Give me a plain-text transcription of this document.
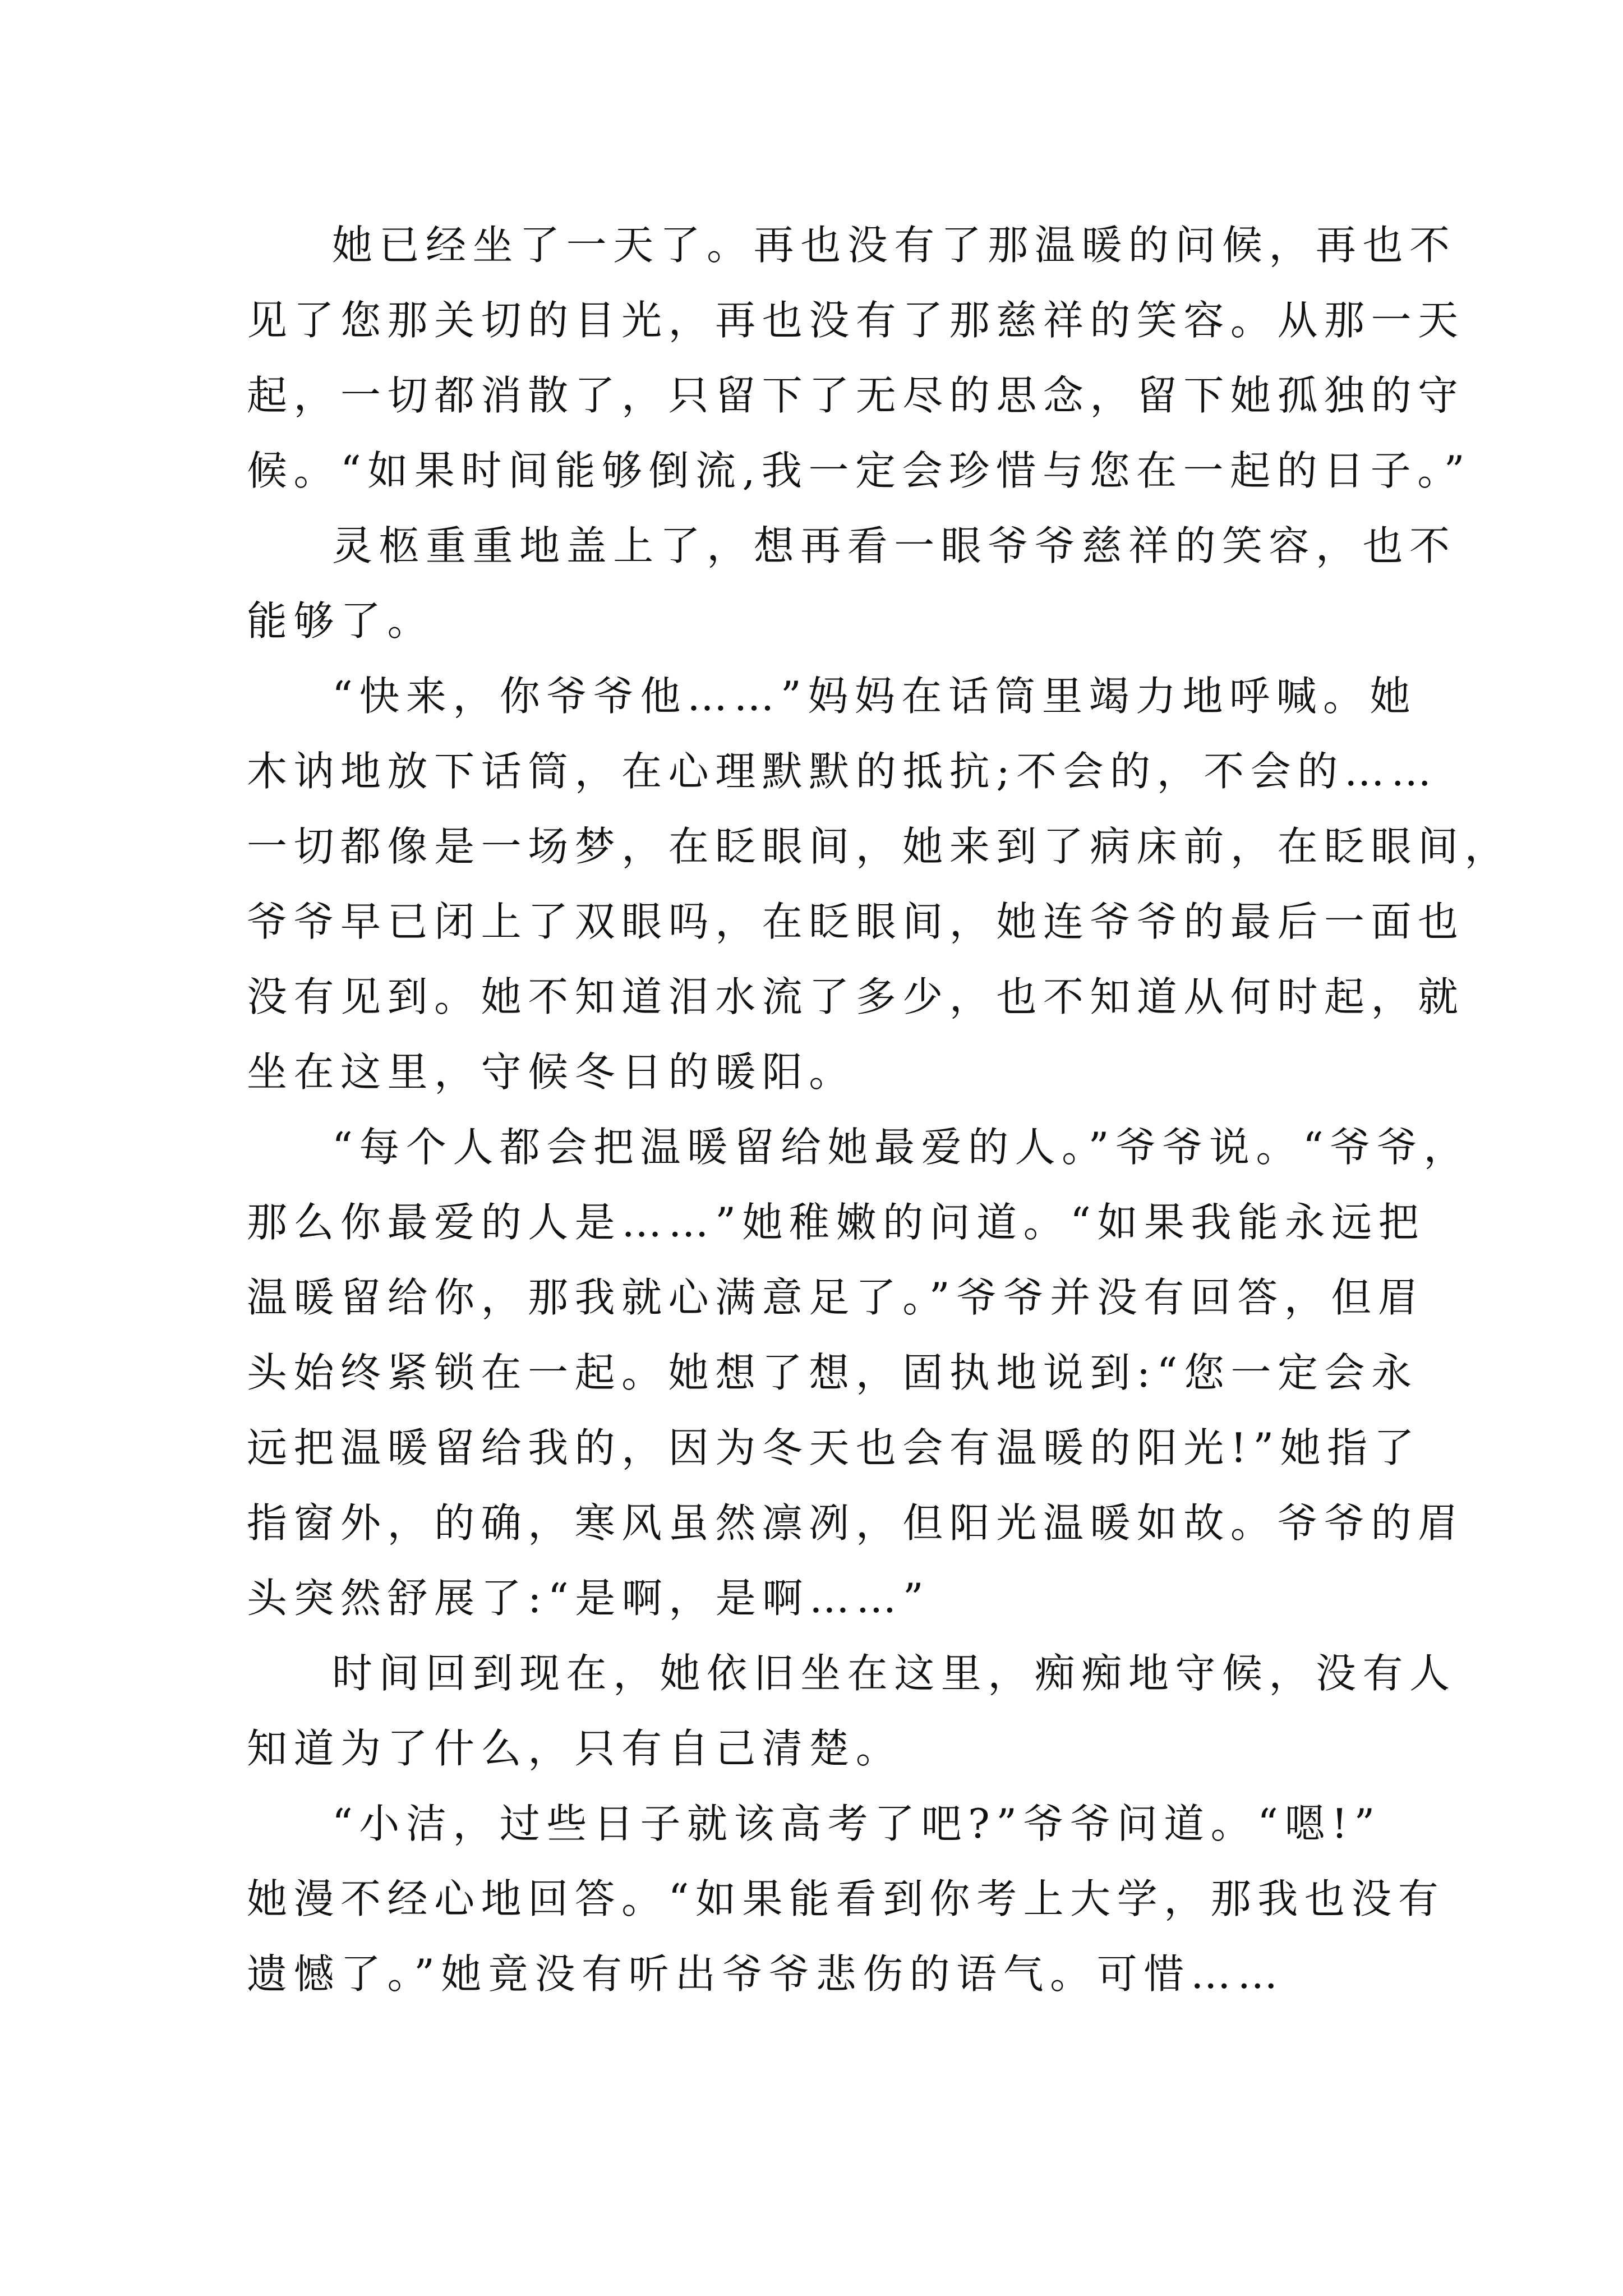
她已经坐了一天了。再也没有了那温暖的问候，再也不
见了您那关切的目光，再也没有了那慈祥的笑容。从那一天
起，一切都消散了，只留下了无尽的思念，留下她孤独的守
候。“如果时间能够倒流,我一定会珍惜与您在一起的日子。”
灵柩重重地盖上了，想再看一眼爷爷慈祥的笑容，也不
能够了。
“快来，你爷爷他……”妈妈在话筒里竭力地呼喊。她
木讷地放下话筒，在心理默默的抵抗;不会的，不会的……
一切都像是一场梦，在眨眼间，她来到了病床前，在眨眼间，
爷爷早已闭上了双眼吗，在眨眼间，她连爷爷的最后一面也
没有见到。她不知道泪水流了多少，也不知道从何时起，就
坐在这里，守候冬日的暖阳。
“每个人都会把温暖留给她最爱的人。”爷爷说。“爷爷，
那么你最爱的人是……”她稚嫩的问道。“如果我能永远把
温暖留给你，那我就心满意足了。”爷爷并没有回答，但眉
头始终紧锁在一起。她想了想，固执地说到:“您一定会永
远把温暖留给我的，因为冬天也会有温暖的阳光!”她指了
指窗外，的确，寒风虽然凛冽，但阳光温暖如故。爷爷的眉
头突然舒展了:“是啊，是啊……”
时间回到现在，她依旧坐在这里，痴痴地守候，没有人
知道为了什么，只有自己清楚。
“小洁，过些日子就该高考了吧?”爷爷问道。“嗯!”
她漫不经心地回答。“如果能看到你考上大学，那我也没有
遗憾了。”她竟没有听出爷爷悲伤的语气。可惜……
